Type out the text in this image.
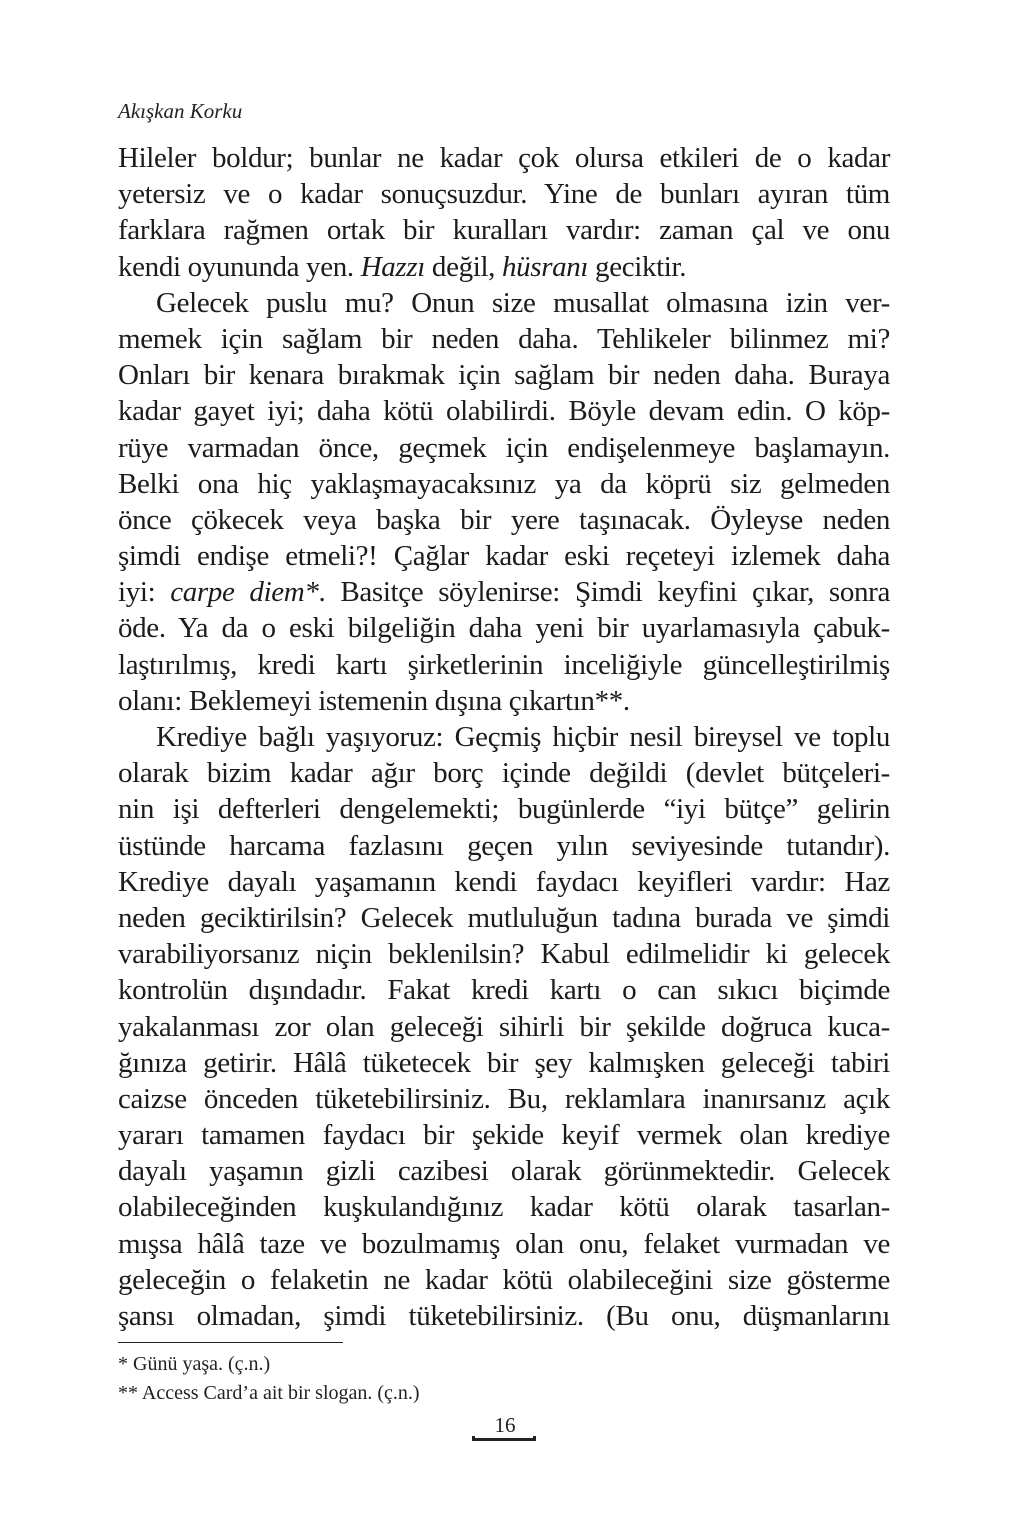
Akışkan Korku
Hileler boldur; bunlar ne kadar çok olursa etkileri de o kadar
yetersiz ve o kadar sonuçsuzdur. Yine de bunları ayıran tüm
farklara rağmen ortak bir kuralları vardır: zaman çal ve onu
kendi oyununda yen. Hazzı değil, hüsranı geciktir.
Gelecek puslu mu? Onun size musallat olmasına izin ver-
memek için sağlam bir neden daha. Tehlikeler bilinmez mi?
Onları bir kenara bırakmak için sağlam bir neden daha. Buraya
kadar gayet iyi; daha kötü olabilirdi. Böyle devam edin. O köp-
rüye varmadan önce, geçmek için endişelenmeye başlamayın.
Belki ona hiç yaklaşmayacaksınız ya da köprü siz gelmeden
önce çökecek veya başka bir yere taşınacak. Öyleyse neden
şimdi endişe etmeli?! Çağlar kadar eski reçeteyi izlemek daha
iyi: carpe diem*. Basitçe söylenirse: Şimdi keyfini çıkar, sonra
öde. Ya da o eski bilgeliğin daha yeni bir uyarlamasıyla çabuk-
laştırılmış, kredi kartı şirketlerinin inceliğiyle güncelleştirilmiş
olanı: Beklemeyi istemenin dışına çıkartın**.
Krediye bağlı yaşıyoruz: Geçmiş hiçbir nesil bireysel ve toplu
olarak bizim kadar ağır borç içinde değildi (devlet bütçeleri-
nin işi defterleri dengelemekti; bugünlerde “iyi bütçe” gelirin
üstünde harcama fazlasını geçen yılın seviyesinde tutandır).
Krediye dayalı yaşamanın kendi faydacı keyifleri vardır: Haz
neden geciktirilsin? Gelecek mutluluğun tadına burada ve şimdi
varabiliyorsanız niçin beklenilsin? Kabul edilmelidir ki gelecek
kontrolün dışındadır. Fakat kredi kartı o can sıkıcı biçimde
yakalanması zor olan geleceği sihirli bir şekilde doğruca kuca-
ğınıza getirir. Hâlâ tüketecek bir şey kalmışken geleceği tabiri
caizse önceden tüketebilirsiniz. Bu, reklamlara inanırsanız açık
yararı tamamen faydacı bir şekide keyif vermek olan krediye
dayalı yaşamın gizli cazibesi olarak görünmektedir. Gelecek
olabileceğinden kuşkulandığınız kadar kötü olarak tasarlan-
mışsa hâlâ taze ve bozulmamış olan onu, felaket vurmadan ve
geleceğin o felaketin ne kadar kötü olabileceğini size gösterme
şansı olmadan, şimdi tüketebilirsiniz. (Bu onu, düşmanlarını
* Günü yaşa. (ç.n.)
** Access Card’a ait bir slogan. (ç.n.)
16
